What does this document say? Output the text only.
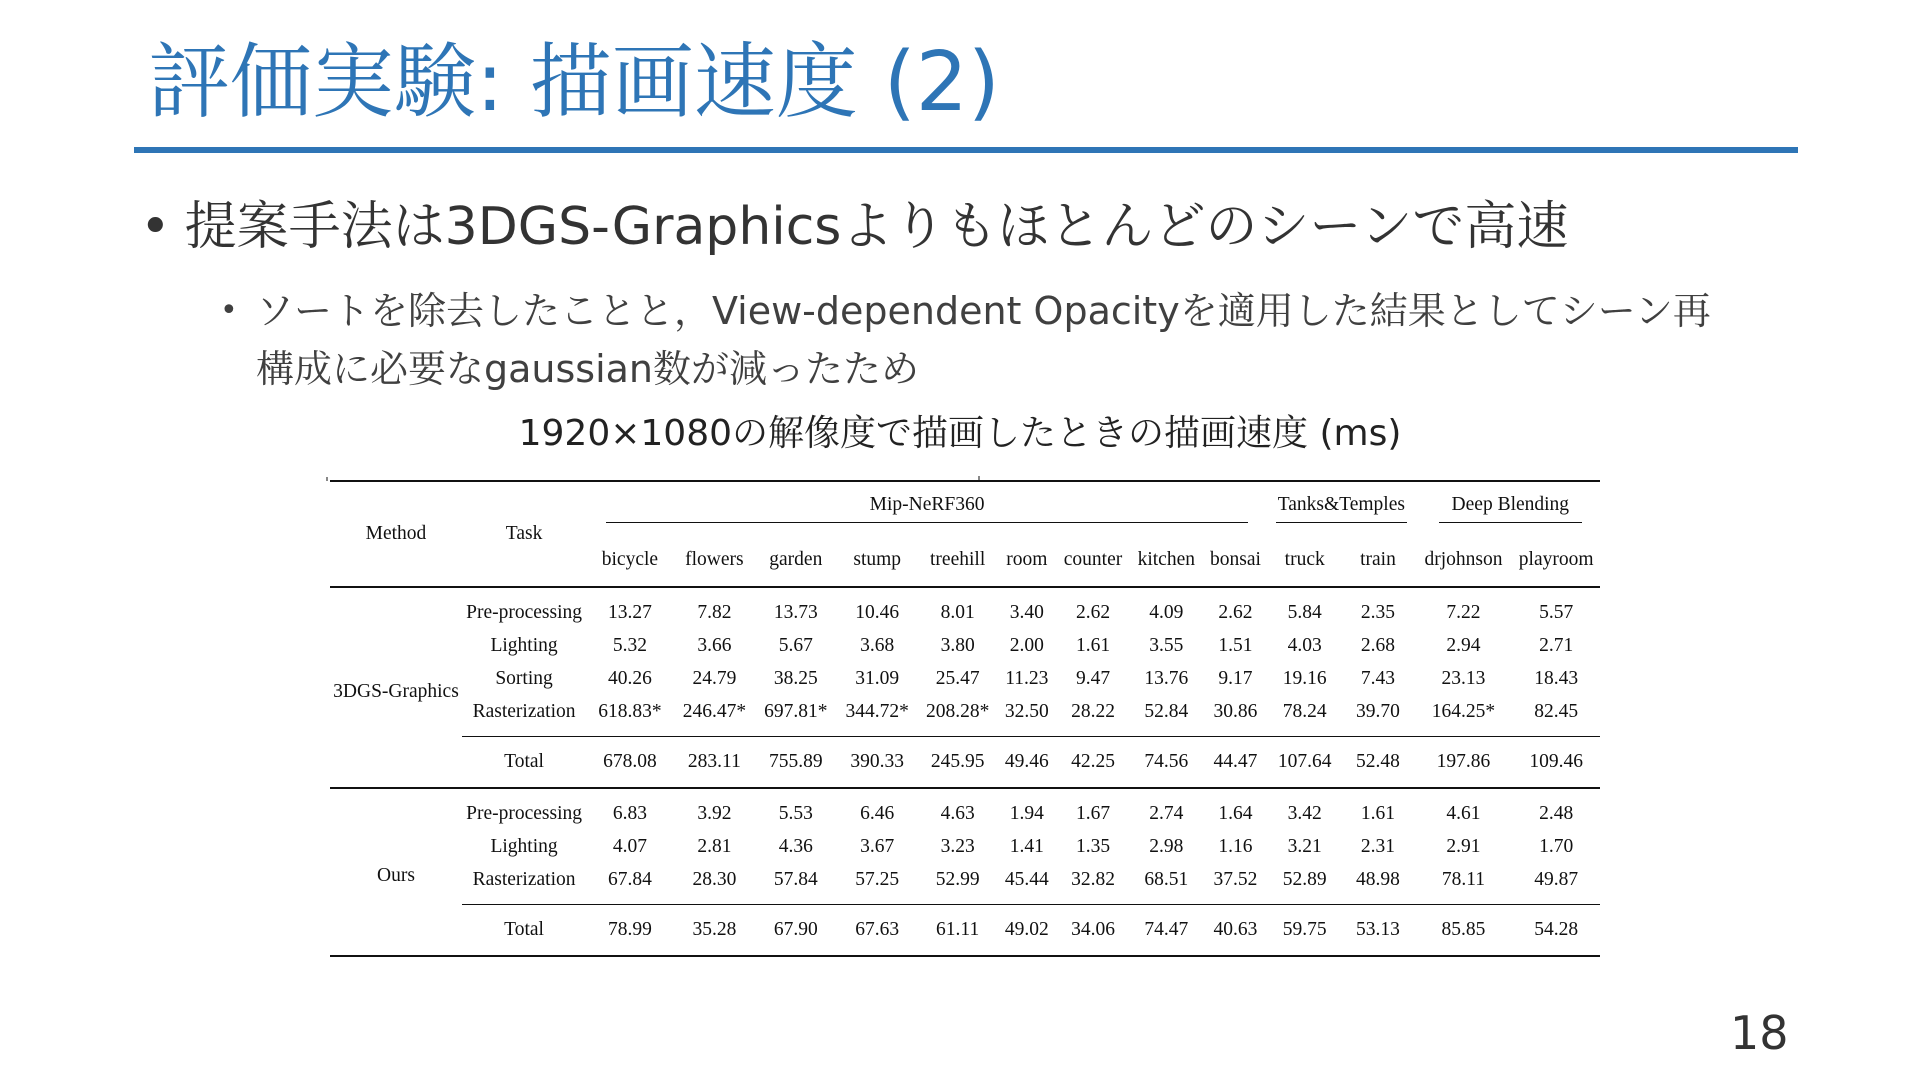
評価実験: 描画速度 (2)
• 提案手法は3DGS-Graphicsよりもほとんどのシーンで高速
• ソートを除去したことと，View-dependent Opacityを適用した結果としてシーン再構成に必要なgaussian数が減ったため
1920×1080の解像度で描画したときの描画速度 (ms)
Method	Task	Mip-NeRF360									Tanks&Temples		Deep Blending	

		bicycle	flowers	garden	stump	treehill	room	counter	kitchen	bonsai	truck	train	drjohnson	playroom
3DGS-Graphics	Pre-processing	13.27	7.82	13.73	10.46	8.01	3.40	2.62	4.09	2.62	5.84	2.35	7.22	5.57
	Lighting	5.32	3.66	5.67	3.68	3.80	2.00	1.61	3.55	1.51	4.03	2.68	2.94	2.71
	Sorting	40.26	24.79	38.25	31.09	25.47	11.23	9.47	13.76	9.17	19.16	7.43	23.13	18.43
	Rasterization	618.83*	246.47*	697.81*	344.72*	208.28*	32.50	28.22	52.84	30.86	78.24	39.70	164.25*	82.45
	Total	678.08	283.11	755.89	390.33	245.95	49.46	42.25	74.56	44.47	107.64	52.48	197.86	109.46
Ours	Pre-processing	6.83	3.92	5.53	6.46	4.63	1.94	1.67	2.74	1.64	3.42	1.61	4.61	2.48
	Lighting	4.07	2.81	4.36	3.67	3.23	1.41	1.35	2.98	1.16	3.21	2.31	2.91	1.70
	Rasterization	67.84	28.30	57.84	57.25	52.99	45.44	32.82	68.51	37.52	52.89	48.98	78.11	49.87
	Total	78.99	35.28	67.90	67.63	61.11	49.02	34.06	74.47	40.63	59.75	53.13	85.85	54.28
18
